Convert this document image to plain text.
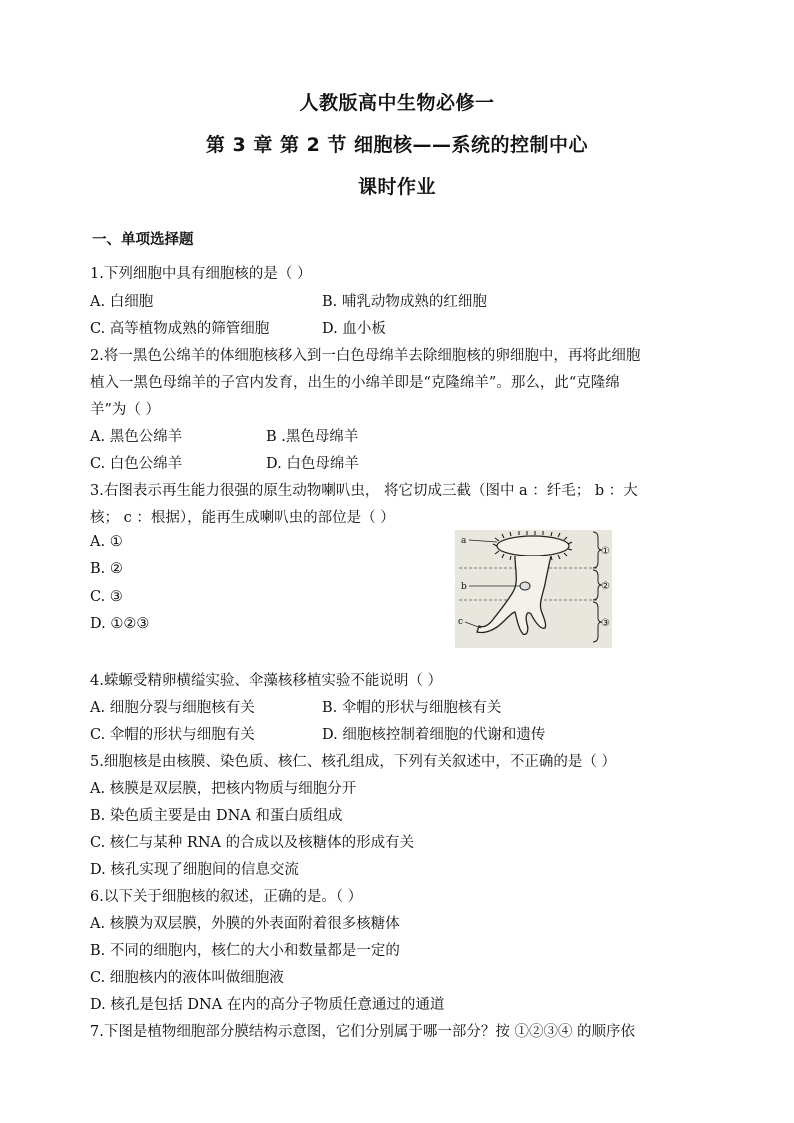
人教版高中生物必修一
第 3 章 第 2 节 细胞核——系统的控制中心
课时作业
一、单项选择题
1.下列细胞中具有细胞核的是（ ）
A. 白细胞	B. 哺乳动物成熟的红细胞
C. 高等植物成熟的筛管细胞	D. 血小板
2.将一黑色公绵羊的体细胞核移入到一白色母绵羊去除细胞核的卵细胞中，再将此细胞
植入一黑色母绵羊的子宫内发育，出生的小绵羊即是“克隆绵羊”。那么，此“克隆绵
羊”为（ ）
A. 黑色公绵羊	B .黑色母绵羊
C. 白色公绵羊	D. 白色母绵羊
3.右图表示再生能力很强的原生动物喇叭虫， 将它切成三截（图中 a ：纤毛； b ：大
核； c ：根据），能再生成喇叭虫的部位是（ ）
A. ①
B. ②
C. ③
D. ①②③
a
b
c
①
②
③
4.蝾螈受精卵横缢实验、伞藻核移植实验不能说明（ ）
A. 细胞分裂与细胞核有关	B. 伞帽的形状与细胞核有关
C. 伞帽的形状与细胞有关	D. 细胞核控制着细胞的代谢和遗传
5.细胞核是由核膜、染色质、核仁、核孔组成，下列有关叙述中，不正确的是（ ）
A. 核膜是双层膜，把核内物质与细胞分开
B. 染色质主要是由 DNA 和蛋白质组成
C. 核仁与某种 RNA 的合成以及核糖体的形成有关
D. 核孔实现了细胞间的信息交流
6.以下关于细胞核的叙述，正确的是。（ ）
A. 核膜为双层膜，外膜的外表面附着很多核糖体
B. 不同的细胞内，核仁的大小和数量都是一定的
C. 细胞核内的液体叫做细胞液
D. 核孔是包括 DNA 在内的高分子物质任意通过的通道
7.下图是植物细胞部分膜结构示意图，它们分别属于哪一部分？按 ①②③④ 的顺序依
